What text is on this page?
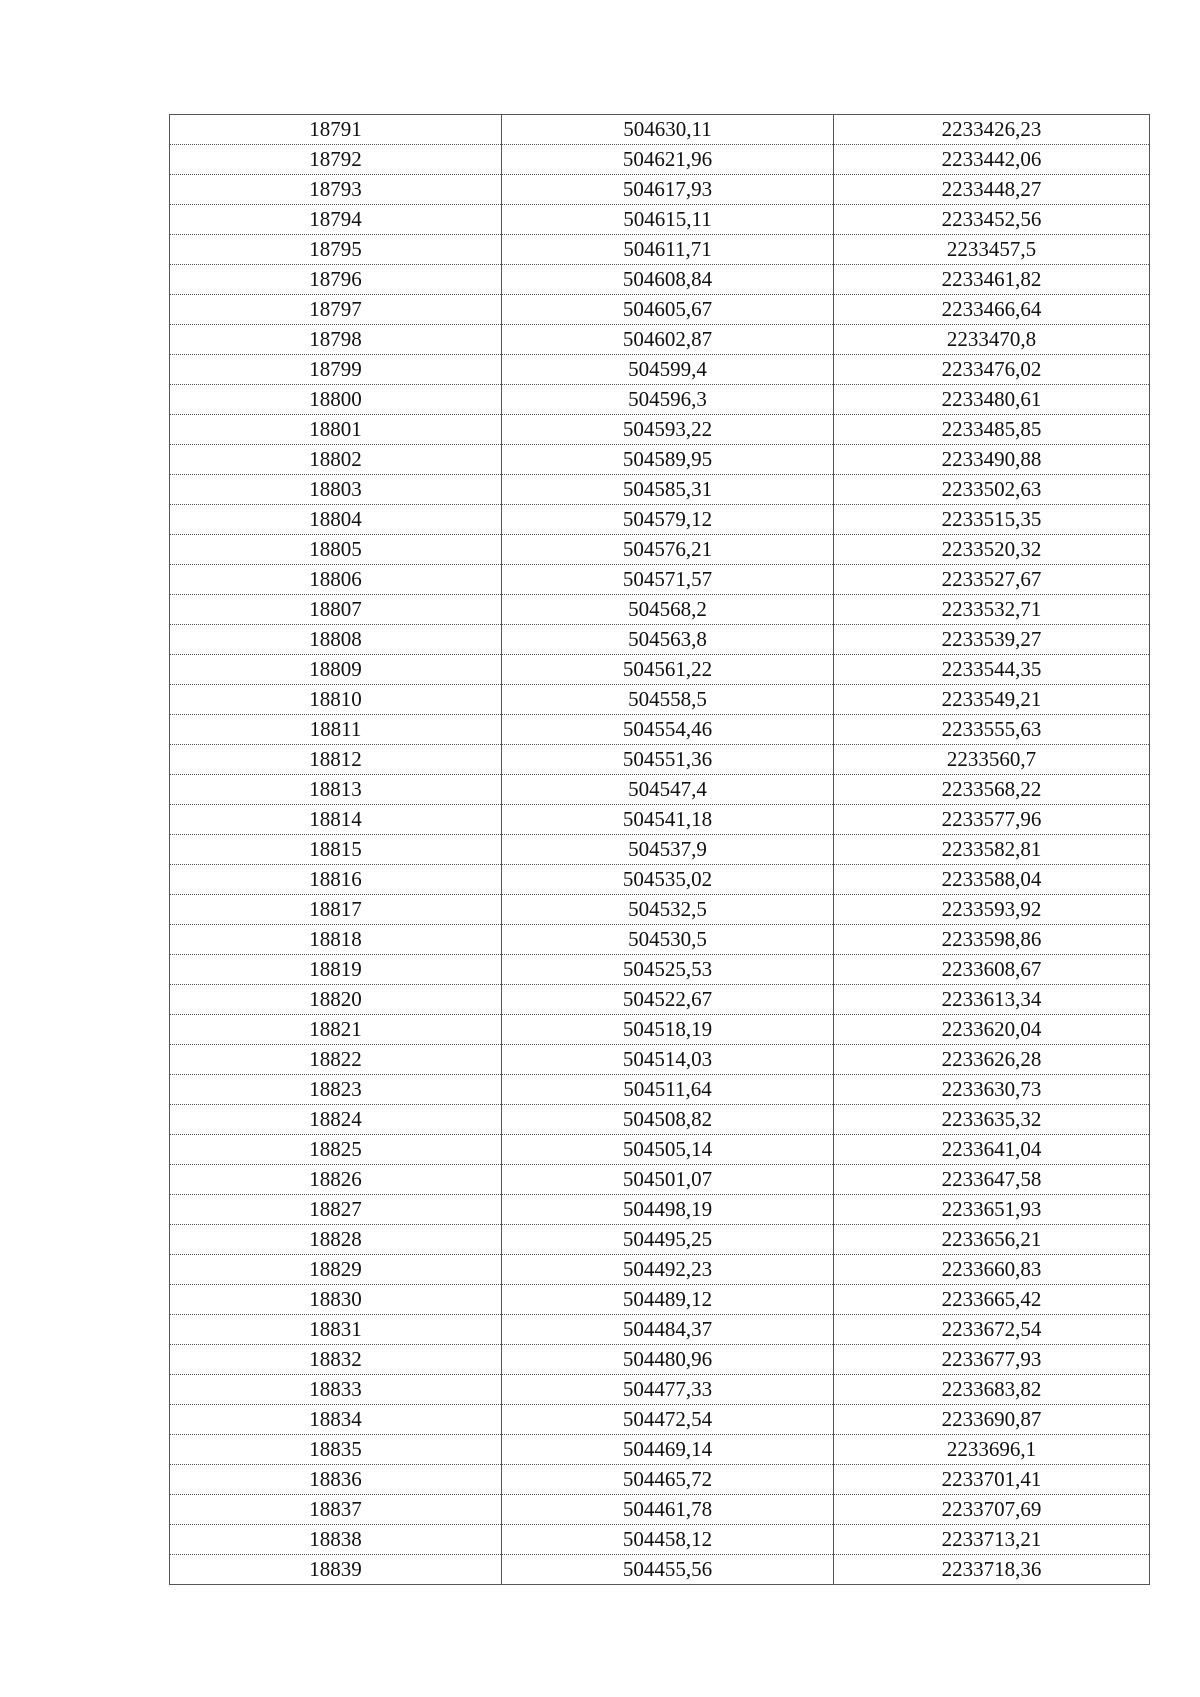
18791	504630,11	2233426,23
18792	504621,96	2233442,06
18793	504617,93	2233448,27
18794	504615,11	2233452,56
18795	504611,71	2233457,5
18796	504608,84	2233461,82
18797	504605,67	2233466,64
18798	504602,87	2233470,8
18799	504599,4	2233476,02
18800	504596,3	2233480,61
18801	504593,22	2233485,85
18802	504589,95	2233490,88
18803	504585,31	2233502,63
18804	504579,12	2233515,35
18805	504576,21	2233520,32
18806	504571,57	2233527,67
18807	504568,2	2233532,71
18808	504563,8	2233539,27
18809	504561,22	2233544,35
18810	504558,5	2233549,21
18811	504554,46	2233555,63
18812	504551,36	2233560,7
18813	504547,4	2233568,22
18814	504541,18	2233577,96
18815	504537,9	2233582,81
18816	504535,02	2233588,04
18817	504532,5	2233593,92
18818	504530,5	2233598,86
18819	504525,53	2233608,67
18820	504522,67	2233613,34
18821	504518,19	2233620,04
18822	504514,03	2233626,28
18823	504511,64	2233630,73
18824	504508,82	2233635,32
18825	504505,14	2233641,04
18826	504501,07	2233647,58
18827	504498,19	2233651,93
18828	504495,25	2233656,21
18829	504492,23	2233660,83
18830	504489,12	2233665,42
18831	504484,37	2233672,54
18832	504480,96	2233677,93
18833	504477,33	2233683,82
18834	504472,54	2233690,87
18835	504469,14	2233696,1
18836	504465,72	2233701,41
18837	504461,78	2233707,69
18838	504458,12	2233713,21
18839	504455,56	2233718,36
